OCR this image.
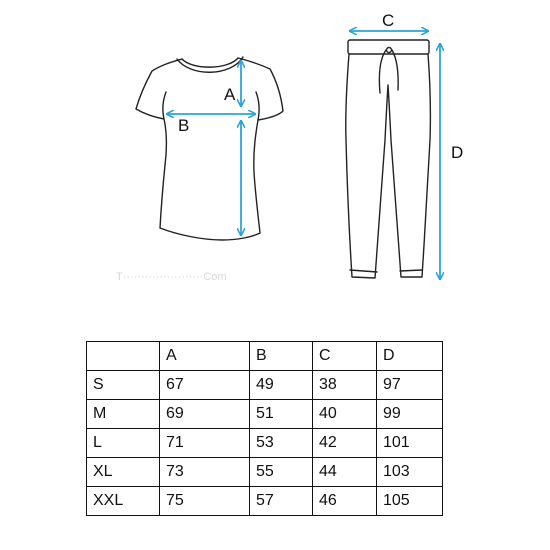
A
B
C
D
T······················Com
	A	B	C	D
S	67	49	38	97
M	69	51	40	99
L	71	53	42	101
XL	73	55	44	103
XXL	75	57	46	105
